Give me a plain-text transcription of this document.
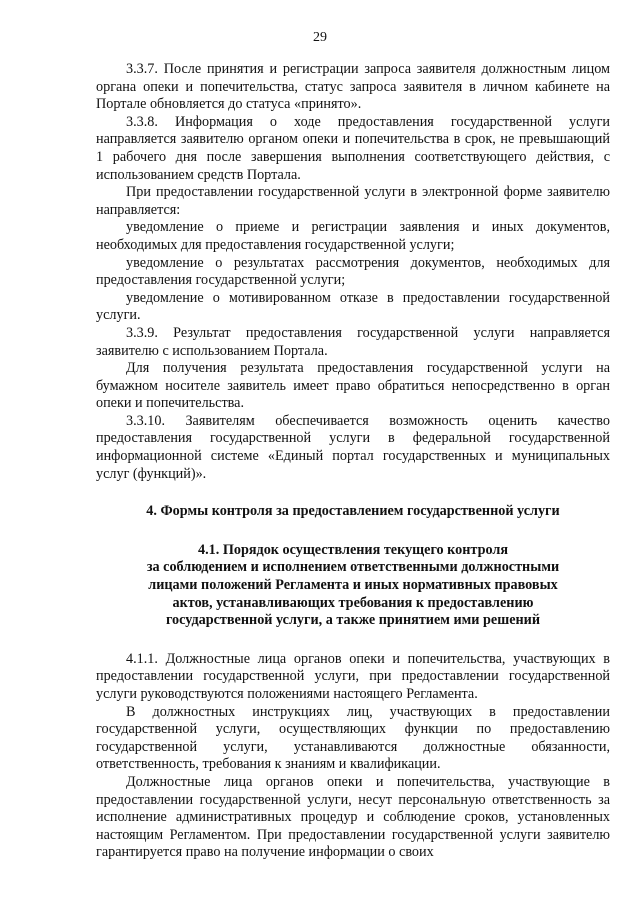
29

3.3.7. После принятия и регистрации запроса заявителя должностным лицом органа опеки и попечительства, статус запроса заявителя в личном кабинете на Портале обновляется до статуса «принято».

3.3.8. Информация о ходе предоставления государственной услуги направляется заявителю органом опеки и попечительства в срок, не превышающий 1 рабочего дня после завершения выполнения соответствующего действия, с использованием средств Портала.

При предоставлении государственной услуги в электронной форме заявителю направляется:

уведомление о приеме и регистрации заявления и иных документов, необходимых для предоставления государственной услуги;

уведомление о результатах рассмотрения документов, необходимых для предоставления государственной услуги;

уведомление о мотивированном отказе в предоставлении государственной услуги.

3.3.9. Результат предоставления государственной услуги направляется заявителю с использованием Портала.

Для получения результата предоставления государственной услуги на бумажном носителе заявитель имеет право обратиться непосредственно в орган опеки и попечительства.

3.3.10. Заявителям обеспечивается возможность оценить качество предоставления государственной услуги в федеральной государственной информационной системе «Единый портал государственных и муниципальных услуг (функций)».

4. Формы контроля за предоставлением государственной услуги
4.1. Порядок осуществления текущего контроля
за соблюдением и исполнением ответственными должностными
лицами положений Регламента и иных нормативных правовых
актов, устанавливающих требования к предоставлению
государственной услуги, а также принятием ими решений

4.1.1. Должностные лица органов опеки и попечительства, участвующих в предоставлении государственной услуги, при предоставлении государственной услуги руководствуются положениями настоящего Регламента.

В должностных инструкциях лиц, участвующих в предоставлении государственной услуги, осуществляющих функции по предоставлению государственной услуги, устанавливаются должностные обязанности, ответственность, требования к знаниям и квалификации.

Должностные лица органов опеки и попечительства, участвующие в предоставлении государственной услуги, несут персональную ответственность за исполнение административных процедур и соблюдение сроков, установленных настоящим Регламентом. При предоставлении государственной услуги заявителю гарантируется право на получение информации о своих
